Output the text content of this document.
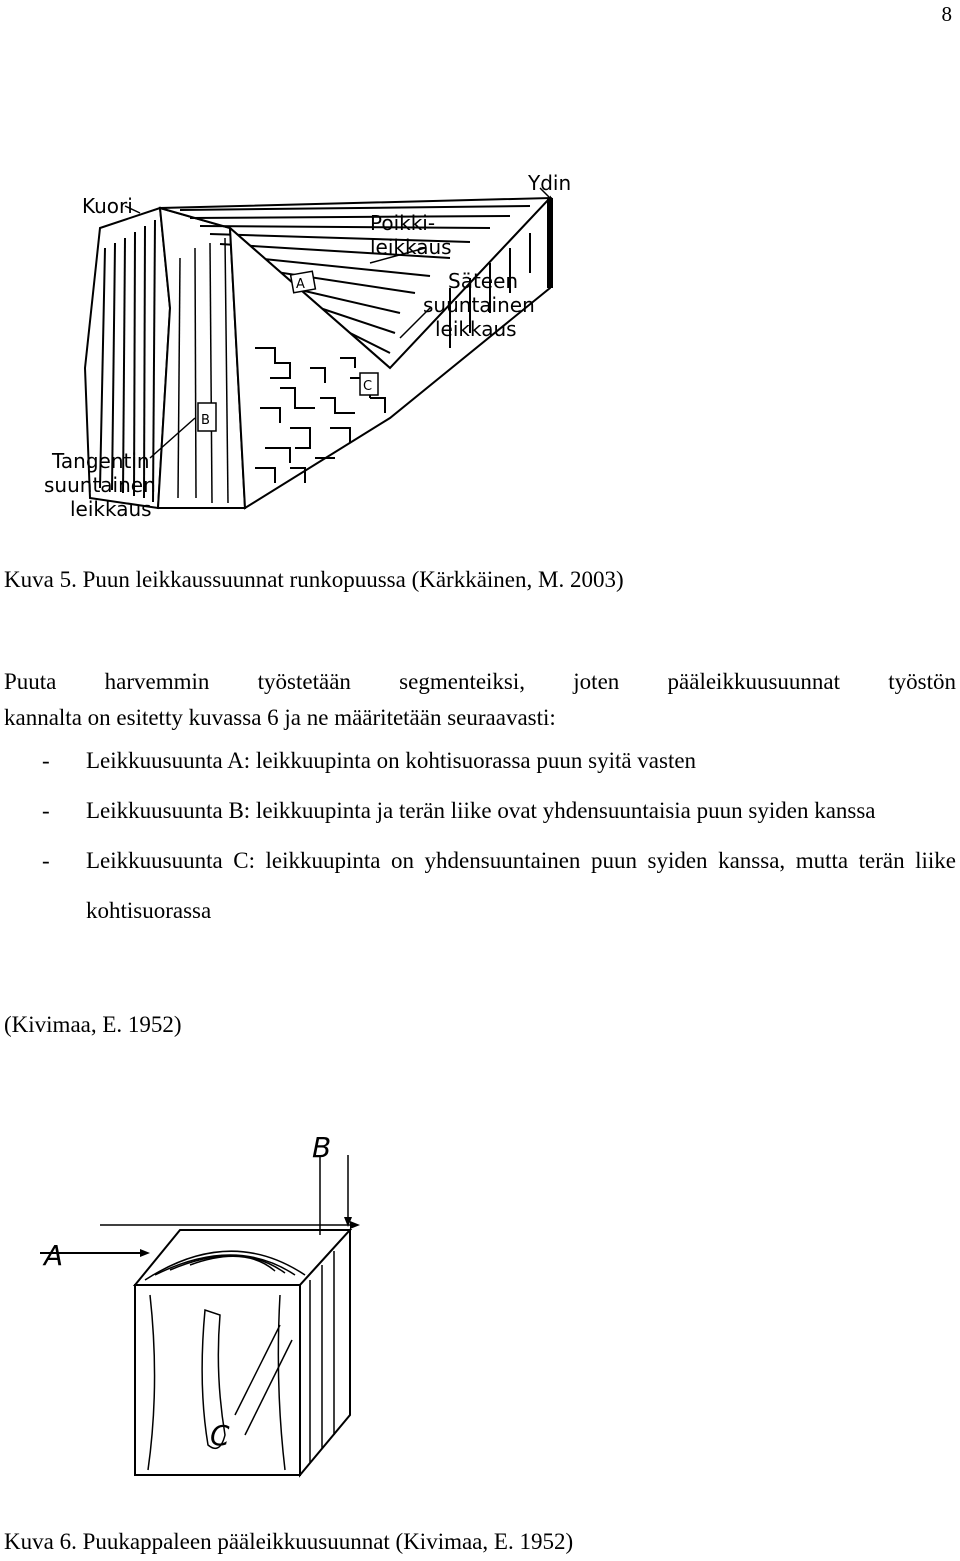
8
A
B
C
Kuori
Ydin
Poikki-
leikkaus
Säteen
suuntainen
leikkaus
Tangentin
suuntainen
leikkaus
Kuva 5. Puun leikkaussuunnat runkopuussa (Kärkkäinen, M. 2003)
Puuta harvemmin työstetään segmenteiksi, joten pääleikkuusuunnat työstön
kannalta on esitetty kuvassa 6 ja ne määritetään seuraavasti:
- Leikkuusuunta A: leikkuupinta on kohtisuorassa puun syitä vasten
- Leikkuusuunta B: leikkuupinta ja terän liike ovat yhdensuuntaisia puun syiden kanssa
- Leikkuusuunta C: leikkuupinta on yhdensuuntainen puun syiden kanssa, mutta terän liike kohtisuorassa
(Kivimaa, E. 1952)
A
B
C
Kuva 6. Puukappaleen pääleikkuusuunnat (Kivimaa, E. 1952)
